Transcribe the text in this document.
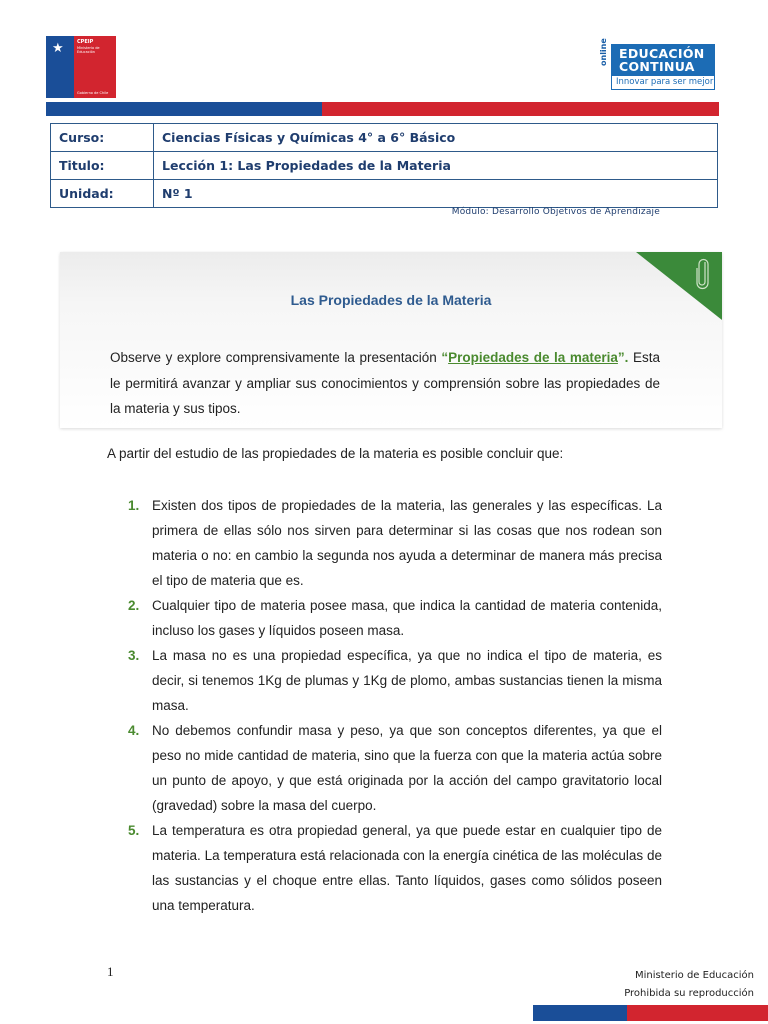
★	CPEIP
Ministerio de Educación
Gobierno de Chile
online EDUCACIÓN
CONTINUA
Innovar para ser mejor
Curso:	Ciencias Físicas y Químicas 4° a 6° Básico
Titulo:	Lección 1: Las Propiedades de la Materia
Unidad:	Nº 1
Módulo: Desarrollo Objetivos de Aprendizaje
Las Propiedades de la Materia

Observe y explore comprensivamente la presentación “Propiedades de la materia”. Esta le permitirá avanzar y ampliar sus conocimientos y comprensión sobre las propiedades de la materia y sus tipos.

A partir del estudio de las propiedades de la materia es posible concluir que:

1. Existen dos tipos de propiedades de la materia, las generales y las específicas. La primera de ellas sólo nos sirven para determinar si las cosas que nos rodean son materia o no: en cambio la segunda nos ayuda a determinar de manera más precisa el tipo de materia que es.
2. Cualquier tipo de materia posee masa, que indica la cantidad de materia contenida, incluso los gases y líquidos poseen masa.
3. La masa no es una propiedad específica, ya que no indica el tipo de materia, es decir, si tenemos 1Kg de plumas y 1Kg de plomo, ambas sustancias tienen la misma masa.
4. No debemos confundir masa y peso, ya que son conceptos diferentes, ya que el peso no mide cantidad de materia, sino que la fuerza con que la materia actúa sobre un punto de apoyo, y que está originada por la acción del campo gravitatorio local (gravedad) sobre la masa del cuerpo.
5. La temperatura es otra propiedad general, ya que puede estar en cualquier tipo de materia. La temperatura está relacionada con la energía cinética de las moléculas de las sustancias y el choque entre ellas. Tanto líquidos, gases como sólidos poseen una temperatura.
1	Ministerio de Educación
Prohibida su reproducción
